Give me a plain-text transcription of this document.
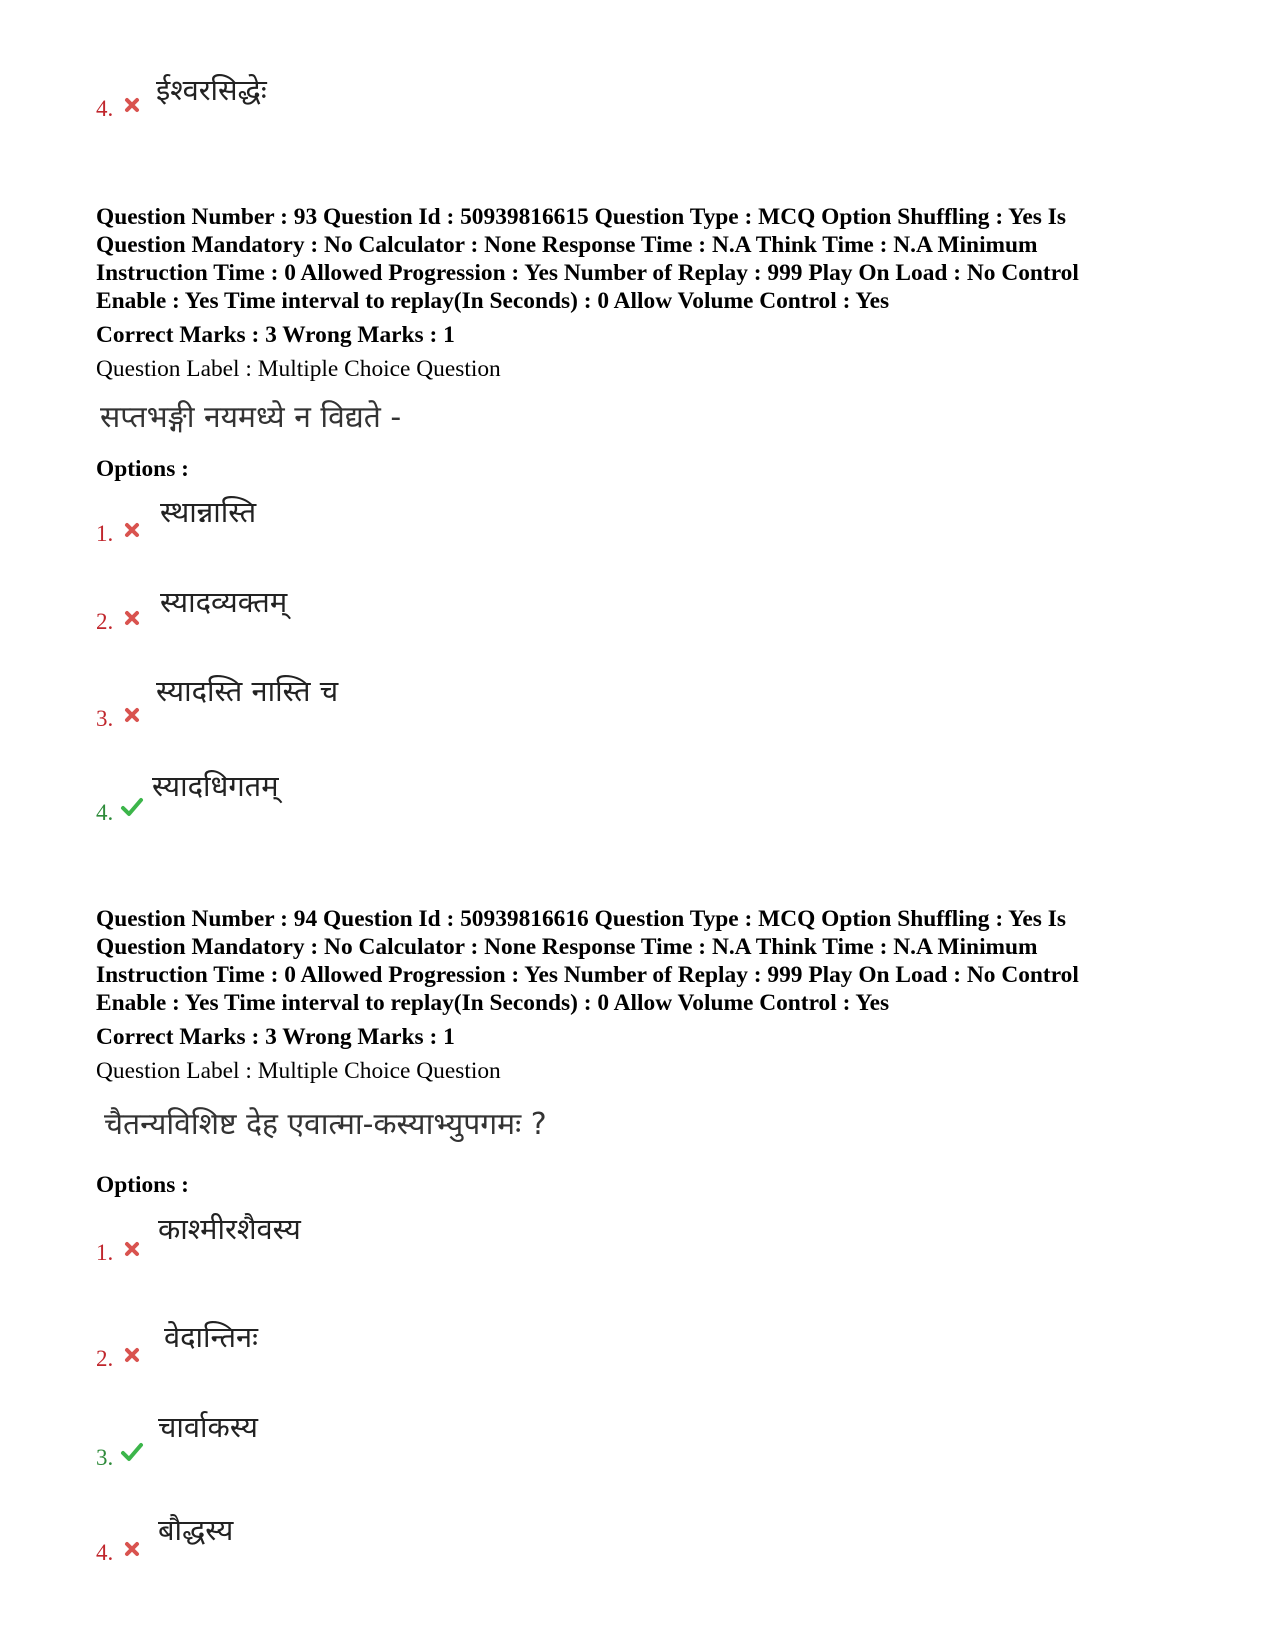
4.
ईश्वरसिद्धेः
Question Number : 93 Question Id : 50939816615 Question Type : MCQ Option Shuffling : Yes Is
Question Mandatory : No Calculator : None Response Time : N.A Think Time : N.A Minimum
Instruction Time : 0 Allowed Progression : Yes Number of Replay : 999 Play On Load : No Control
Enable : Yes Time interval to replay(In Seconds) : 0 Allow Volume Control : Yes
Correct Marks : 3 Wrong Marks : 1
Question Label : Multiple Choice Question
सप्तभङ्गी नयमध्ये न विद्यते -
Options :
1.
स्थान्नास्ति
2.
स्यादव्यक्तम्
3.
स्यादस्ति नास्ति च
4.
स्यादधिगतम्
Question Number : 94 Question Id : 50939816616 Question Type : MCQ Option Shuffling : Yes Is
Question Mandatory : No Calculator : None Response Time : N.A Think Time : N.A Minimum
Instruction Time : 0 Allowed Progression : Yes Number of Replay : 999 Play On Load : No Control
Enable : Yes Time interval to replay(In Seconds) : 0 Allow Volume Control : Yes
Correct Marks : 3 Wrong Marks : 1
Question Label : Multiple Choice Question
चैतन्यविशिष्ट देह एवात्मा-कस्याभ्युपगमः ?
Options :
1.
काश्मीरशैवस्य
2.
वेदान्तिनः
3.
चार्वाकस्य
4.
बौद्धस्य
